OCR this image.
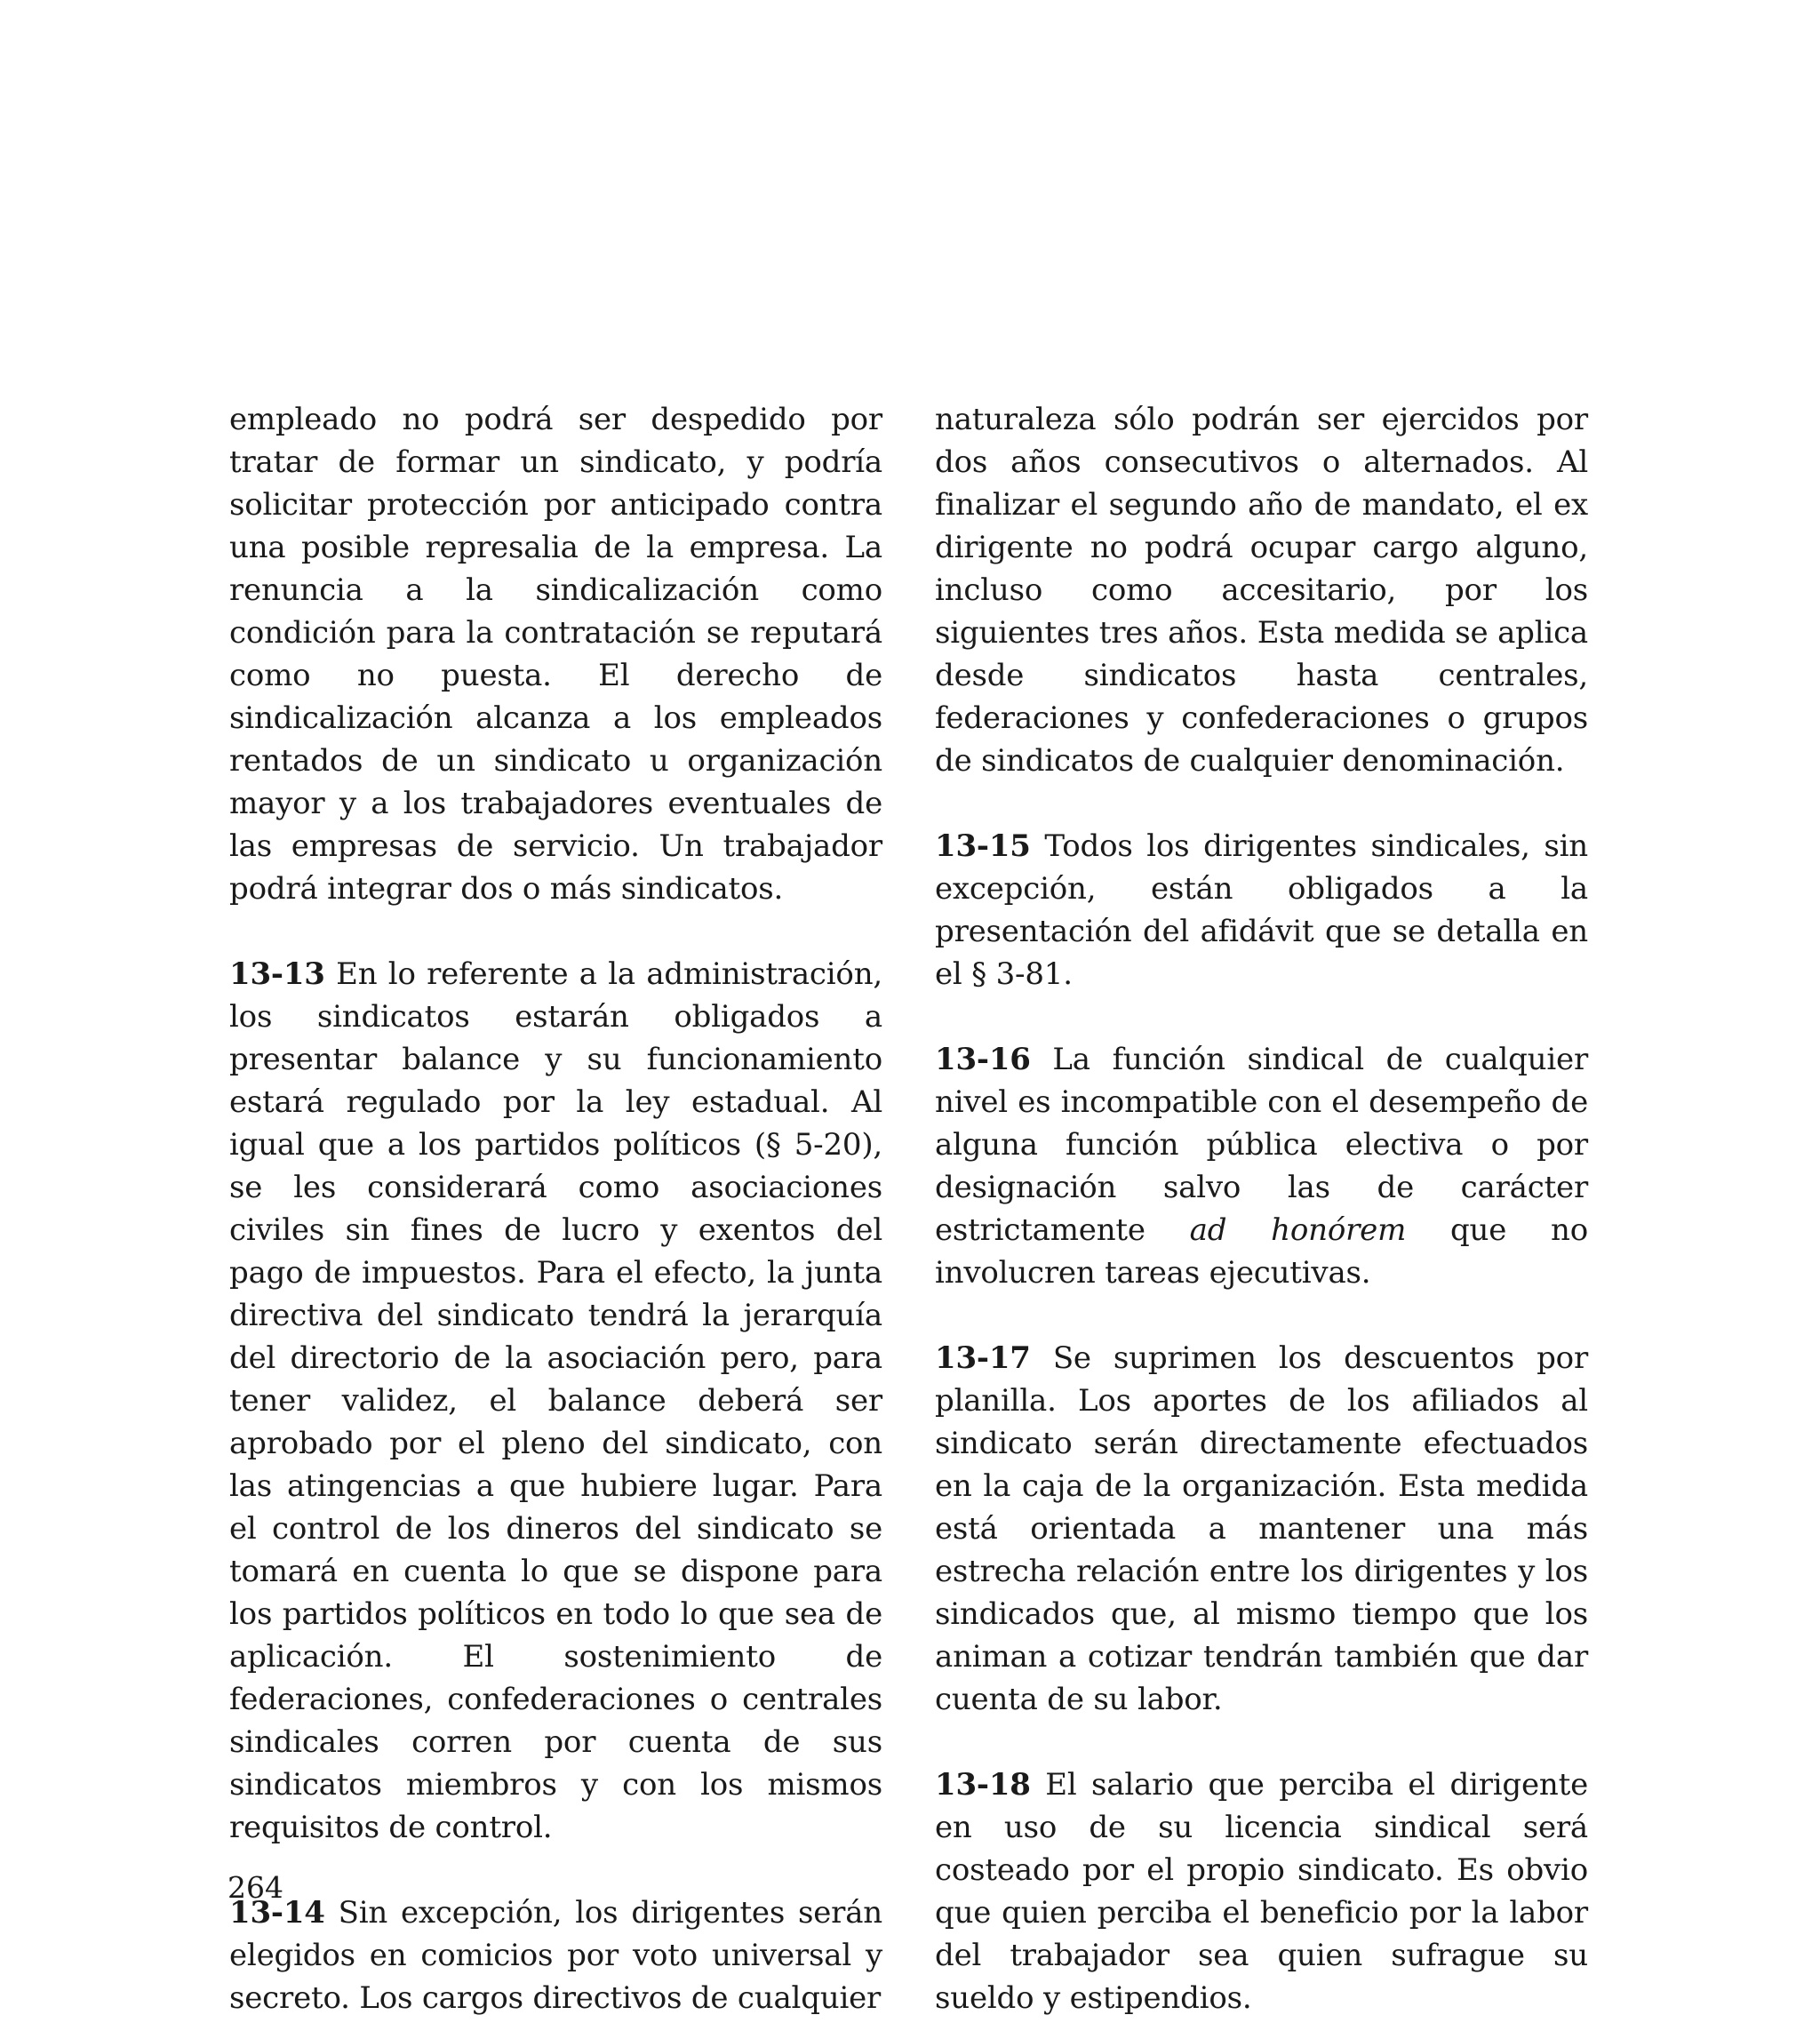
empleado no podrá ser despedido por tratar de formar un sindicato, y podría solicitar protección por anticipado contra una posible represalia de la empresa. La renuncia a la sindicalización como condición para la contratación se reputará como no puesta. El derecho de sindicalización alcanza a los empleados rentados de un sindicato u organización mayor y a los trabajadores eventuales de las empresas de servicio. Un trabajador podrá integrar dos o más sindicatos.

13-13 En lo referente a la administración, los sindicatos estarán obligados a presentar balance y su funcionamiento estará regulado por la ley estadual. Al igual que a los partidos políticos (§ 5-20), se les considerará como asociaciones civiles sin fines de lucro y exentos del pago de impuestos. Para el efecto, la junta directiva del sindicato tendrá la jerarquía del directorio de la asociación pero, para tener validez, el balance deberá ser aprobado por el pleno del sindicato, con las atingencias a que hubiere lugar. Para el control de los dineros del sindicato se tomará en cuenta lo que se dispone para los partidos políticos en todo lo que sea de aplicación. El sostenimiento de federaciones, confederaciones o centrales sindicales corren por cuenta de sus sindicatos miembros y con los mismos requisitos de control.

13-14 Sin excepción, los dirigentes serán elegidos en comicios por voto universal y secreto. Los cargos directivos de cualquier

naturaleza sólo podrán ser ejercidos por dos años consecutivos o alternados. Al finalizar el segundo año de mandato, el ex dirigente no podrá ocupar cargo alguno, incluso como accesitario, por los siguientes tres años. Esta medida se aplica desde sindicatos hasta centrales, federaciones y confederaciones o grupos de sindicatos de cualquier denominación.

13-15 Todos los dirigentes sindicales, sin excepción, están obligados a la presentación del afidávit que se detalla en el § 3-81.

13-16 La función sindical de cualquier nivel es incompatible con el desempeño de alguna función pública electiva o por designación salvo las de carácter estrictamente ad honórem que no involucren tareas ejecutivas.

13-17 Se suprimen los descuentos por planilla. Los aportes de los afiliados al sindicato serán directamente efectuados en la caja de la organización. Esta medida está orientada a mantener una más estrecha relación entre los dirigentes y los sindicados que, al mismo tiempo que los animan a cotizar tendrán también que dar cuenta de su labor.

13-18 El salario que perciba el dirigente en uso de su licencia sindical será costeado por el propio sindicato. Es obvio que quien perciba el beneficio por la labor del trabajador sea quien sufrague su sueldo y estipendios.

264
